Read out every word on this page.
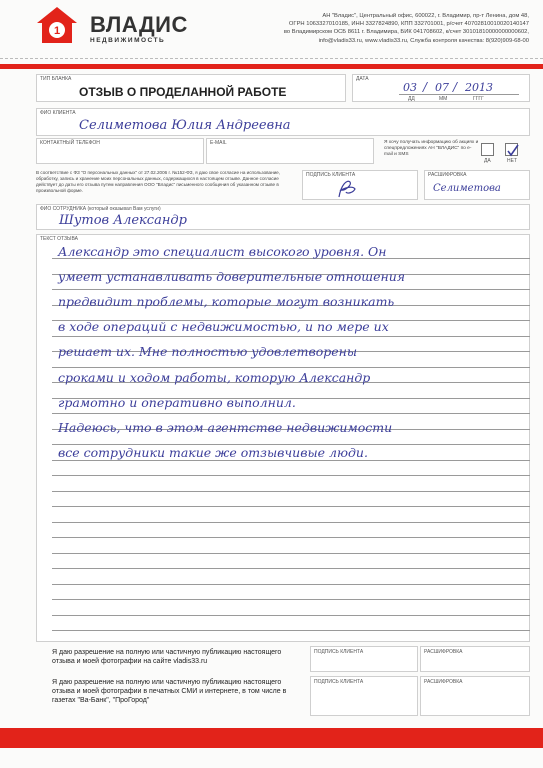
1 ВЛАДИС
НЕДВИЖИМОСТЬ
АН "Владис", Центральный офис, 600022, г. Владимир, пр-т Ленина, дом 48,
ОГРН 1063327010185, ИНН 3327824890, КПП 332701001, р/счет 40702810010020140147
во Владимирском ОСБ 8611 г. Владимира, БИК 041708602, к/счет 30101810000000000602,
info@vladis33.ru, www.vladis33.ru, Служба контроля качества: 8(920)909-68-00
ТИП БЛАНКА
ОТЗЫВ О ПРОДЕЛАННОЙ РАБОТЕ
ДАТА
03 / 07 / 2013
ДД	ММ	ГГГГ
ФИО КЛИЕНТА
Селиметова Юлия Андреевна
КОНТАКТНЫЙ ТЕЛЕФОН	E-MAIL	Я хочу получать информацию об акциях и спецпредложениях АН "ВЛАДИС" по e-mail и SMS
ДА	НЕТ
В соответствие с ФЗ "О персональных данных" от 27.02.2006 г. №152-ФЗ, я даю свое согласие на использование, обработку, запись и хранение моих персональных данных, содержащихся в настоящем отзыве. Данное согласие действует до даты его отзыва путем направления ООО "Владис" письменного сообщения об указанном отзыве в произвольной форме.
ПОДПИСЬ КЛИЕНТА	РАСШИФРОВКА
Селиметова
ФИО СОТРУДНИКА (который оказывал Вам услуги)
Шутов Александр
ТЕКСТ ОТЗЫВА
Александр это специалист высокого уровня. Он
умеет устанавливать доверительные отношения
предвидит проблемы, которые могут возникать
в ходе операций с недвижимостью, и по мере их
решает их. Мне полностью удовлетворены
сроками и ходом работы, которую Александр
грамотно и оперативно выполнил.
Надеюсь, что в этом агентстве недвижимости
все сотрудники такие же отзывчивые люди.
Я даю разрешение на полную или частичную публикацию настоящего отзыва и моей фотографии на сайте vladis33.ru
ПОДПИСЬ КЛИЕНТА	РАСШИФРОВКА
Я даю разрешение на полную или частичную публикацию настоящего отзыва и моей фотографии в печатных СМИ и интернете, в том числе в газетах "Ва-Банк", "ПроГород"
ПОДПИСЬ КЛИЕНТА	РАСШИФРОВКА
